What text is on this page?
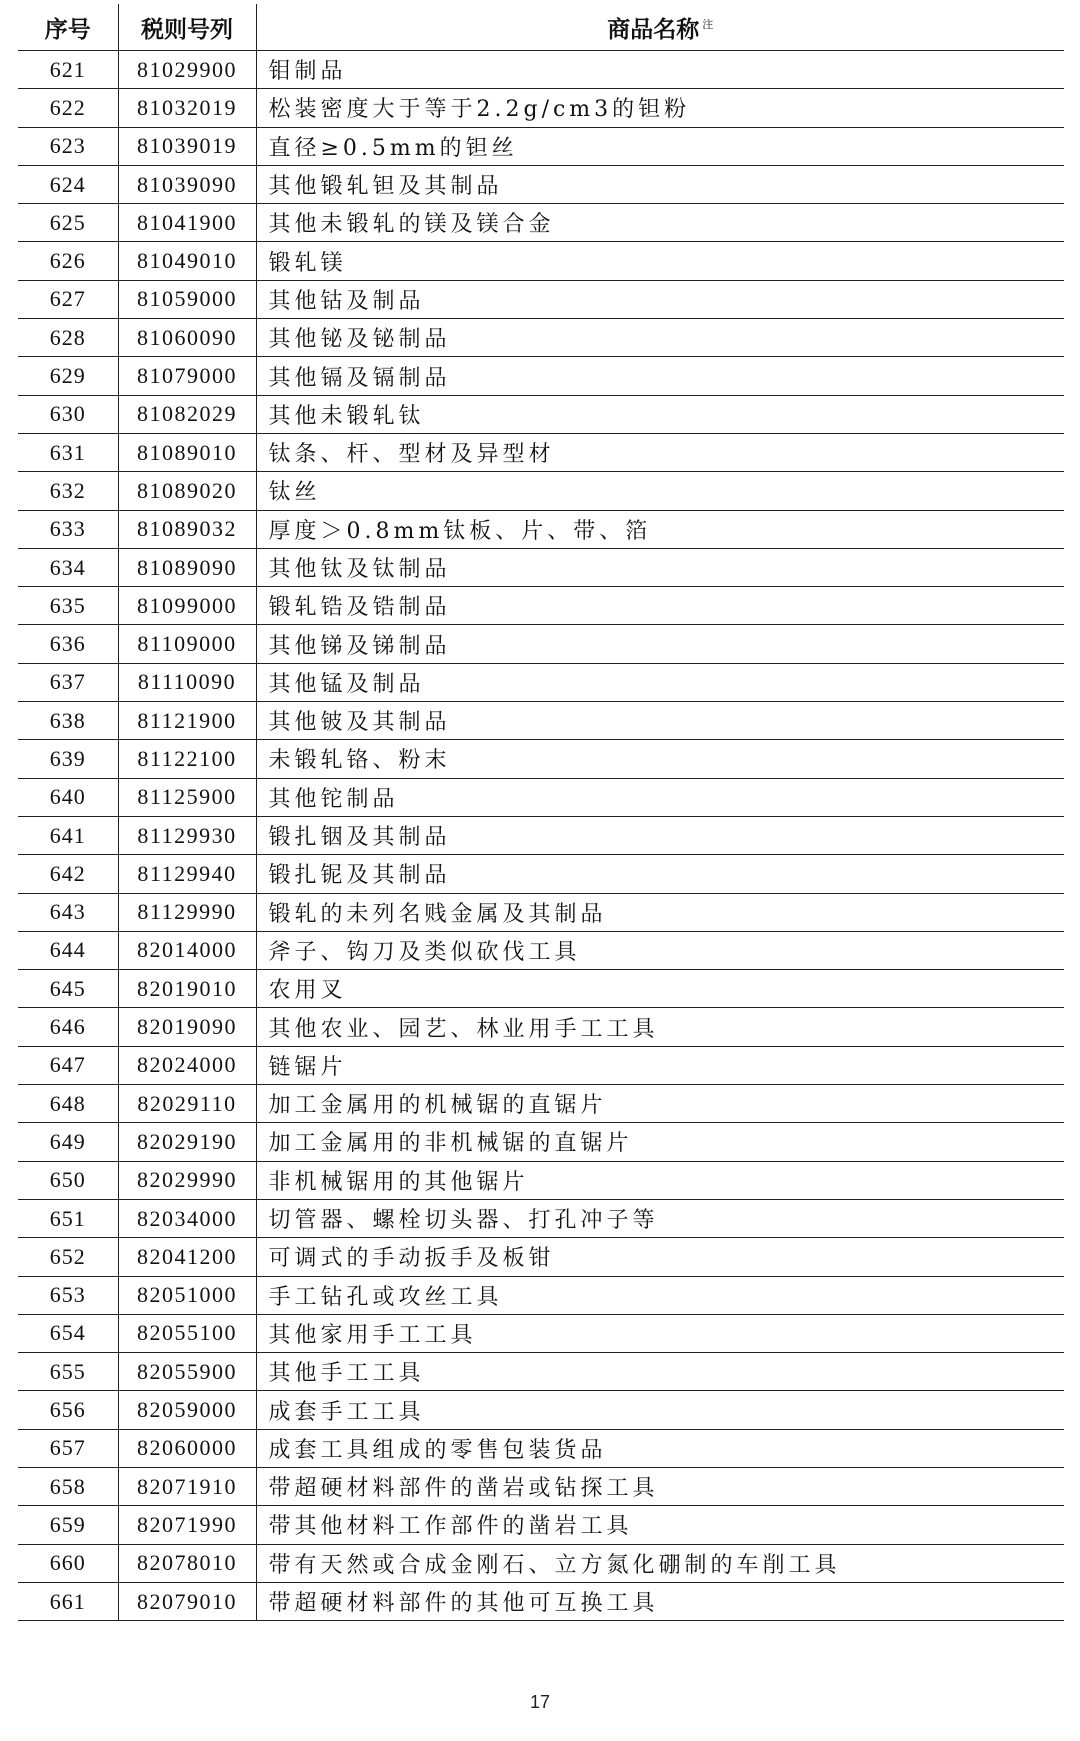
序号	税则号列	商品名称 $^注$
621	81029900	钼制品
622	81032019	松装密度大于等于2.2g/cm3的钽粉
623	81039019	直径≥0.5mm的钽丝
624	81039090	其他锻轧钽及其制品
625	81041900	其他未锻轧的镁及镁合金
626	81049010	锻轧镁
627	81059000	其他钴及制品
628	81060090	其他铋及铋制品
629	81079000	其他镉及镉制品
630	81082029	其他未锻轧钛
631	81089010	钛条、杆、型材及异型材
632	81089020	钛丝
633	81089032	厚度＞0.8mm钛板、片、带、箔
634	81089090	其他钛及钛制品
635	81099000	锻轧锆及锆制品
636	81109000	其他锑及锑制品
637	81110090	其他锰及制品
638	81121900	其他铍及其制品
639	81122100	未锻轧铬、粉末
640	81125900	其他铊制品
641	81129930	锻扎铟及其制品
642	81129940	锻扎铌及其制品
643	81129990	锻轧的未列名贱金属及其制品
644	82014000	斧子、钩刀及类似砍伐工具
645	82019010	农用叉
646	82019090	其他农业、园艺、林业用手工工具
647	82024000	链锯片
648	82029110	加工金属用的机械锯的直锯片
649	82029190	加工金属用的非机械锯的直锯片
650	82029990	非机械锯用的其他锯片
651	82034000	切管器、螺栓切头器、打孔冲子等
652	82041200	可调式的手动扳手及板钳
653	82051000	手工钻孔或攻丝工具
654	82055100	其他家用手工工具
655	82055900	其他手工工具
656	82059000	成套手工工具
657	82060000	成套工具组成的零售包装货品
658	82071910	带超硬材料部件的凿岩或钻探工具
659	82071990	带其他材料工作部件的凿岩工具
660	82078010	带有天然或合成金刚石、立方氮化硼制的车削工具
661	82079010	带超硬材料部件的其他可互换工具
17
